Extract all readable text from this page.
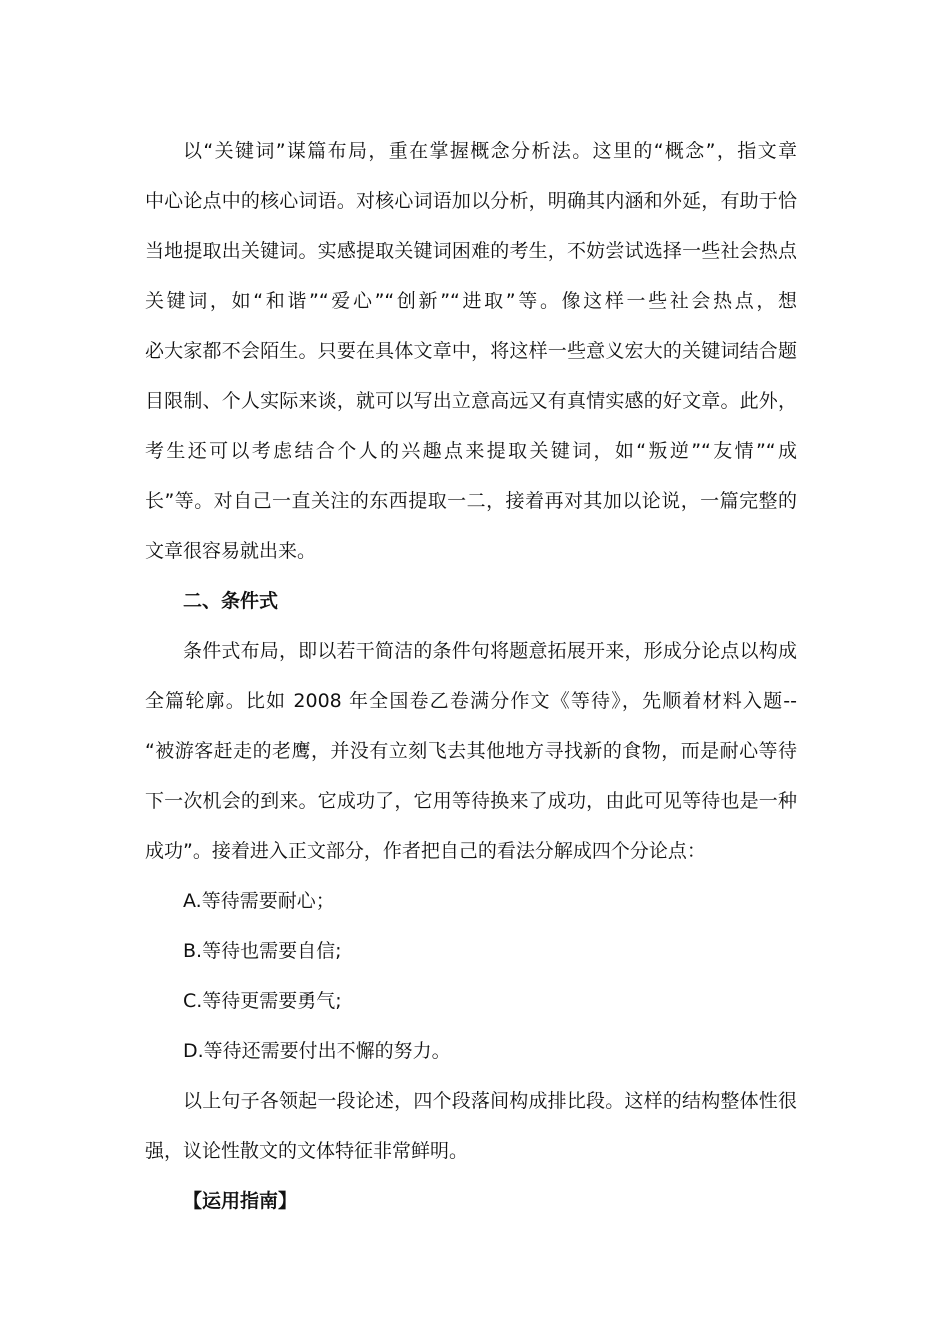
以“关键词”谋篇布局，重在掌握概念分析法。这里的“概念”，指文章
中心论点中的核心词语。对核心词语加以分析，明确其内涵和外延，有助于恰
当地提取出关键词。实感提取关键词困难的考生，不妨尝试选择一些社会热点
关键词，如“和谐”“爱心”“创新”“进取”等。像这样一些社会热点，想
必大家都不会陌生。只要在具体文章中，将这样一些意义宏大的关键词结合题
目限制、个人实际来谈，就可以写出立意高远又有真情实感的好文章。此外，
考生还可以考虑结合个人的兴趣点来提取关键词，如“叛逆”“友情”“成
长”等。对自己一直关注的东西提取一二，接着再对其加以论说，一篇完整的
文章很容易就出来。
二、条件式
条件式布局，即以若干简洁的条件句将题意拓展开来，形成分论点以构成
全篇轮廓。比如 2008 年全国卷乙卷满分作文《等待》，先顺着材料入题--
“被游客赶走的老鹰，并没有立刻飞去其他地方寻找新的食物，而是耐心等待
下一次机会的到来。它成功了，它用等待换来了成功，由此可见等待也是一种
成功”。接着进入正文部分，作者把自己的看法分解成四个分论点：
A.等待需要耐心；
B.等待也需要自信;
C.等待更需要勇气;
D.等待还需要付出不懈的努力。
以上句子各领起一段论述，四个段落间构成排比段。这样的结构整体性很
强，议论性散文的文体特征非常鲜明。
【运用指南】
